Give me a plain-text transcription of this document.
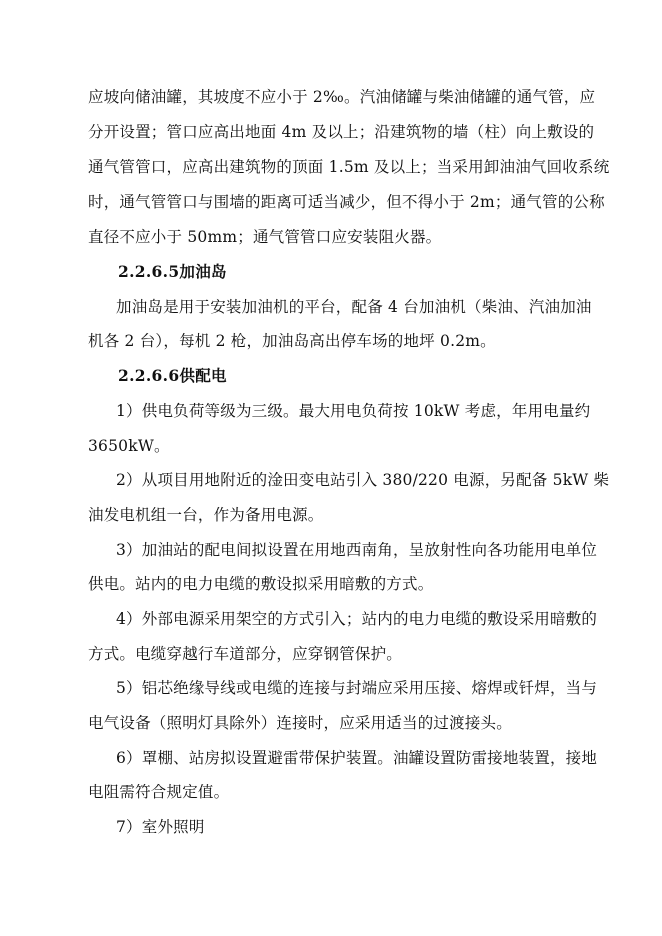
应坡向储油罐，其坡度不应小于 2‰。汽油储罐与柴油储罐的通气管，应
分开设置；管口应高出地面 4m 及以上；沿建筑物的墙（柱）向上敷设的
通气管管口，应高出建筑物的顶面 1.5m 及以上；当采用卸油油气回收系统
时，通气管管口与围墙的距离可适当减少，但不得小于 2m；通气管的公称
直径不应小于 50mm；通气管管口应安装阻火器。
2.2.6.5加油岛
加油岛是用于安装加油机的平台，配备 4 台加油机（柴油、汽油加油
机各 2 台），每机 2 枪，加油岛高出停车场的地坪 0.2m。
2.2.6.6供配电
1）供电负荷等级为三级。最大用电负荷按 10kW 考虑，年用电量约
3650kW。
2）从项目用地附近的淦田变电站引入 380/220 电源，另配备 5kW 柴
油发电机组一台，作为备用电源。
3）加油站的配电间拟设置在用地西南角，呈放射性向各功能用电单位
供电。站内的电力电缆的敷设拟采用暗敷的方式。
4）外部电源采用架空的方式引入；站内的电力电缆的敷设采用暗敷的
方式。电缆穿越行车道部分，应穿钢管保护。
5）铝芯绝缘导线或电缆的连接与封端应采用压接、熔焊或钎焊，当与
电气设备（照明灯具除外）连接时，应采用适当的过渡接头。
6）罩棚、站房拟设置避雷带保护装置。油罐设置防雷接地装置，接地
电阻需符合规定值。
7）室外照明
